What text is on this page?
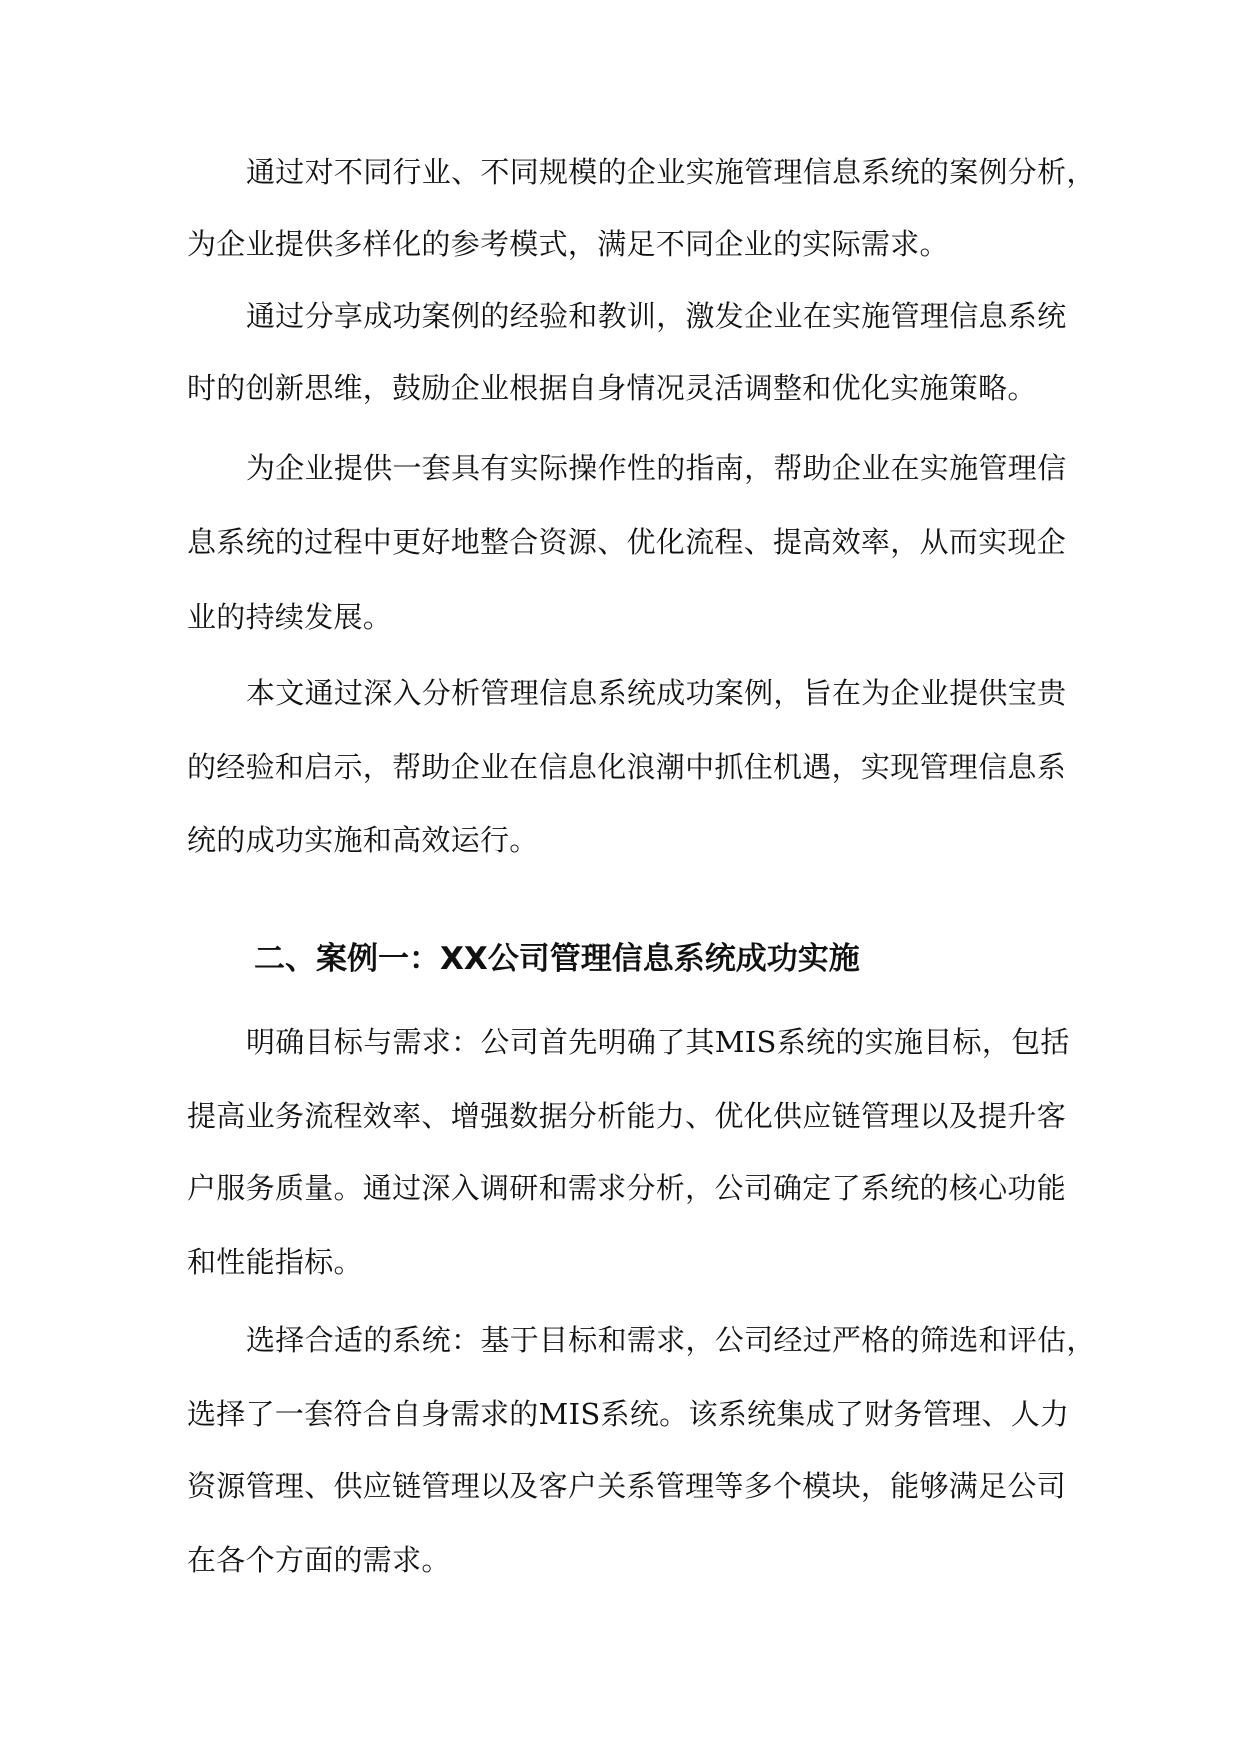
通过对不同行业、不同规模的企业实施管理信息系统的案例分析，
为企业提供多样化的参考模式，满足不同企业的实际需求。
通过分享成功案例的经验和教训，激发企业在实施管理信息系统
时的创新思维，鼓励企业根据自身情况灵活调整和优化实施策略。
为企业提供一套具有实际操作性的指南，帮助企业在实施管理信
息系统的过程中更好地整合资源、优化流程、提高效率，从而实现企
业的持续发展。
本文通过深入分析管理信息系统成功案例，旨在为企业提供宝贵
的经验和启示，帮助企业在信息化浪潮中抓住机遇，实现管理信息系
统的成功实施和高效运行。
二、案例一：XX公司管理信息系统成功实施
明确目标与需求：公司首先明确了其MIS系统的实施目标，包括
提高业务流程效率、增强数据分析能力、优化供应链管理以及提升客
户服务质量。通过深入调研和需求分析，公司确定了系统的核心功能
和性能指标。
选择合适的系统：基于目标和需求，公司经过严格的筛选和评估，
选择了一套符合自身需求的MIS系统。该系统集成了财务管理、人力
资源管理、供应链管理以及客户关系管理等多个模块，能够满足公司
在各个方面的需求。
